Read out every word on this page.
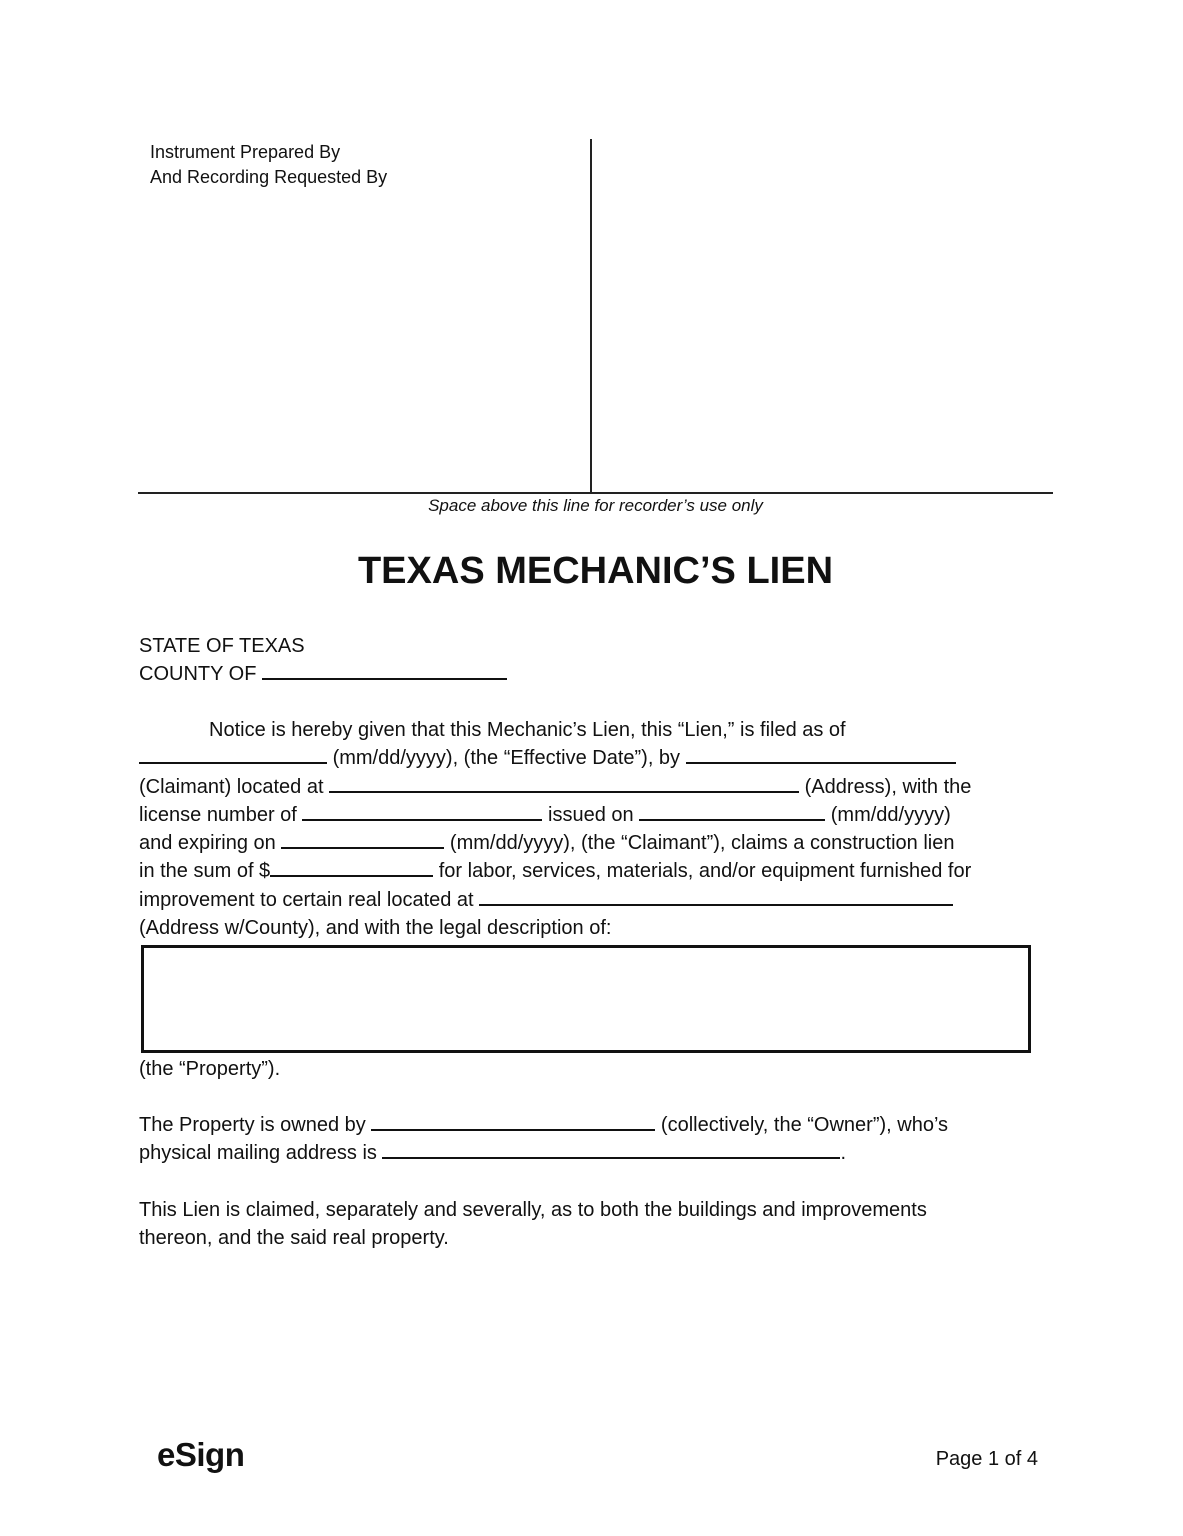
Instrument Prepared By
And Recording Requested By
Space above this line for recorder’s use only
TEXAS MECHANIC’S LIEN
STATE OF TEXAS
COUNTY OF
Notice is hereby given that this Mechanic’s Lien, this “Lien,” is filed as of
(mm/dd/yyyy), (the “Effective Date”), by
(Claimant) located at	(Address), with the
license number of	issued on	(mm/dd/yyyy)
and expiring on	(mm/dd/yyyy), (the “Claimant”), claims a construction lien
in the sum of $	for labor, services, materials, and/or equipment furnished for
improvement to certain real located at
(Address w/County), and with the legal description of:
(the “Property”).
The Property is owned by	(collectively, the “Owner”), who’s
physical mailing address is	.
This Lien is claimed, separately and severally, as to both the buildings and improvements
thereon, and the said real property.
eSign	Page 1 of 4
